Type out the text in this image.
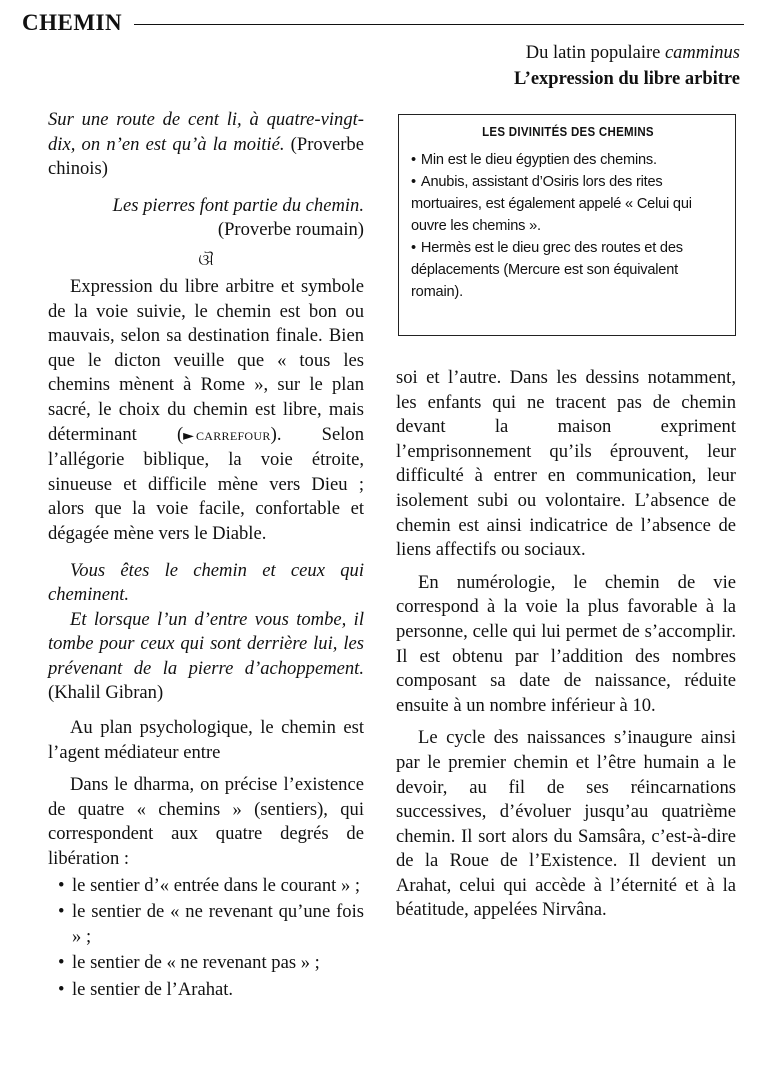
CHEMIN
Du latin populaire camminus
L’expression du libre arbitre

Sur une route de cent li, à quatre-vingt-dix, on n’en est qu’à la moitié. (Proverbe chinois)

Les pierres font partie du chemin.
(Proverbe roumain)

ଔ

Expression du libre arbitre et symbole de la voie suivie, le chemin est bon ou mauvais, selon sa destination finale. Bien que le dicton veuille que « tous les chemins mènent à Rome », sur le plan sacré, le choix du chemin est libre, mais déterminant (► CARREFOUR). Selon l’allégorie biblique, la voie étroite, sinueuse et difficile mène vers Dieu ; alors que la voie facile, confortable et dégagée mène vers le Diable.

Vous êtes le chemin et ceux qui cheminent.

Et lorsque l’un d’entre vous tombe, il tombe pour ceux qui sont derrière lui, les prévenant de la pierre d’achoppement. (Khalil Gibran)

Au plan psychologique, le chemin est l’agent médiateur entre

Dans le dharma, on précise l’existence de quatre « chemins » (sentiers), qui correspondent aux quatre degrés de libération :

• le sentier d’« entrée dans le courant » ;
• le sentier de « ne revenant qu’une fois » ;
• le sentier de « ne revenant pas » ;
• le sentier de l’Arahat.
LES DIVINITÉS DES CHEMINS
• Min est le dieu égyptien des chemins.
• Anubis, assistant d’Osiris lors des rites mortuaires, est également appelé « Celui qui ouvre les chemins ».
• Hermès est le dieu grec des routes et des déplacements (Mercure est son équivalent romain).

soi et l’autre. Dans les dessins notamment, les enfants qui ne tracent pas de chemin devant la maison expriment l’emprisonnement qu’ils éprouvent, leur difficulté à entrer en communication, leur isolement subi ou volontaire. L’absence de chemin est ainsi indicatrice de l’absence de liens affectifs ou sociaux.

En numérologie, le chemin de vie correspond à la voie la plus favorable à la personne, celle qui lui permet de s’accomplir. Il est obtenu par l’addition des nombres composant sa date de naissance, réduite ensuite à un nombre inférieur à 10.

Le cycle des naissances s’inaugure ainsi par le premier chemin et l’être humain a le devoir, au fil de ses réincarnations successives, d’évoluer jusqu’au quatrième chemin. Il sort alors du Samsâra, c’est-à-dire de la Roue de l’Existence. Il devient un Arahat, celui qui accède à l’éternité et à la béatitude, appelées Nirvâna.
